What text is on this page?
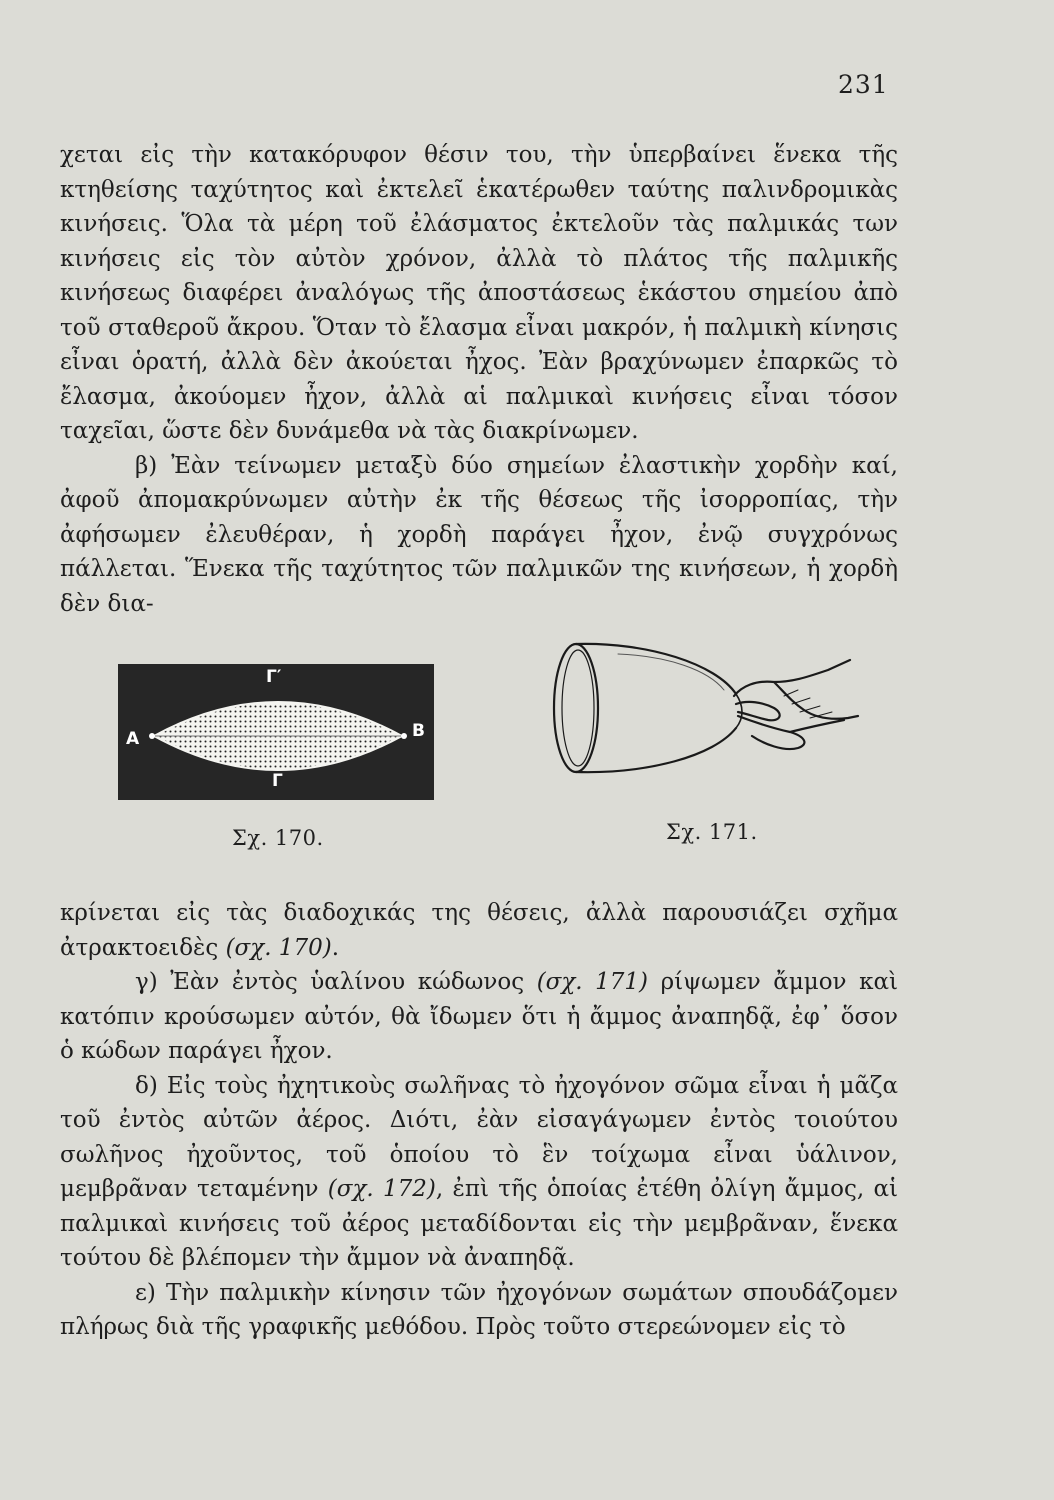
231

χεται εἰς τὴν κατακόρυφον θέσιν του, τὴν ὑπερβαίνει ἕνεκα τῆς κτηθείσης ταχύτητος καὶ ἐκτελεῖ ἑκατέρωθεν ταύτης παλινδρομικὰς κινήσεις. Ὅλα τὰ μέρη τοῦ ἐλάσματος ἐκτελοῦν τὰς παλμικάς των κινήσεις εἰς τὸν αὐτὸν χρόνον, ἀλλὰ τὸ πλάτος τῆς παλμικῆς κινήσεως διαφέρει ἀναλόγως τῆς ἀποστάσεως ἑκάστου σημείου ἀπὸ τοῦ σταθεροῦ ἄκρου. Ὅταν τὸ ἔλασμα εἶναι μακρόν, ἡ παλμικὴ κίνησις εἶναι ὁρατή, ἀλλὰ δὲν ἀκούεται ἦχος. Ἐὰν βραχύνωμεν ἐπαρκῶς τὸ ἔλασμα, ἀκούομεν ἦχον, ἀλλὰ αἱ παλμικαὶ κινήσεις εἶναι τόσον ταχεῖαι, ὥστε δὲν δυνάμεθα νὰ τὰς διακρίνωμεν.

β) Ἐὰν τείνωμεν μεταξὺ δύο σημείων ἐλαστικὴν χορδὴν καί, ἀφοῦ ἀπομακρύνωμεν αὐτὴν ἐκ τῆς θέσεως τῆς ἰσορροπίας, τὴν ἀφήσωμεν ἐλευθέραν, ἡ χορδὴ παράγει ἦχον, ἐνῷ συγχρόνως πάλλεται. Ἕνεκα τῆς ταχύτητος τῶν παλμικῶν της κινήσεων, ἡ χορδὴ δὲν δια-

Γ′
Γ
Α	Β
Σχ. 170.	Σχ. 171.

κρίνεται εἰς τὰς διαδοχικάς της θέσεις, ἀλλὰ παρουσιάζει σχῆμα ἀτρακτοειδὲς (σχ. 170).

γ) Ἐὰν ἐντὸς ὑαλίνου κώδωνος (σχ. 171) ρίψωμεν ἄμμον καὶ κατόπιν κρούσωμεν αὐτόν, θὰ ἴδωμεν ὅτι ἡ ἄμμος ἀναπηδᾷ, ἐφ᾿ ὅσον ὁ κώδων παράγει ἦχον.

δ) Εἰς τοὺς ἠχητικοὺς σωλῆνας τὸ ἠχογόνον σῶμα εἶναι ἡ μᾶζα τοῦ ἐντὸς αὐτῶν ἀέρος. Διότι, ἐὰν εἰσαγάγωμεν ἐντὸς τοιούτου σωλῆνος ἠχοῦντος, τοῦ ὁποίου τὸ ἓν τοίχωμα εἶναι ὑάλινον, μεμβρᾶναν τεταμένην (σχ. 172), ἐπὶ τῆς ὁποίας ἐτέθη ὀλίγη ἄμμος, αἱ παλμικαὶ κινήσεις τοῦ ἀέρος μεταδίδονται εἰς τὴν μεμβρᾶναν, ἕνεκα τούτου δὲ βλέπομεν τὴν ἄμμον νὰ ἀναπηδᾷ.

ε) Τὴν παλμικὴν κίνησιν τῶν ἠχογόνων σωμάτων σπουδάζομεν πλήρως διὰ τῆς γραφικῆς μεθόδου. Πρὸς τοῦτο στερεώνομεν εἰς τὸ
